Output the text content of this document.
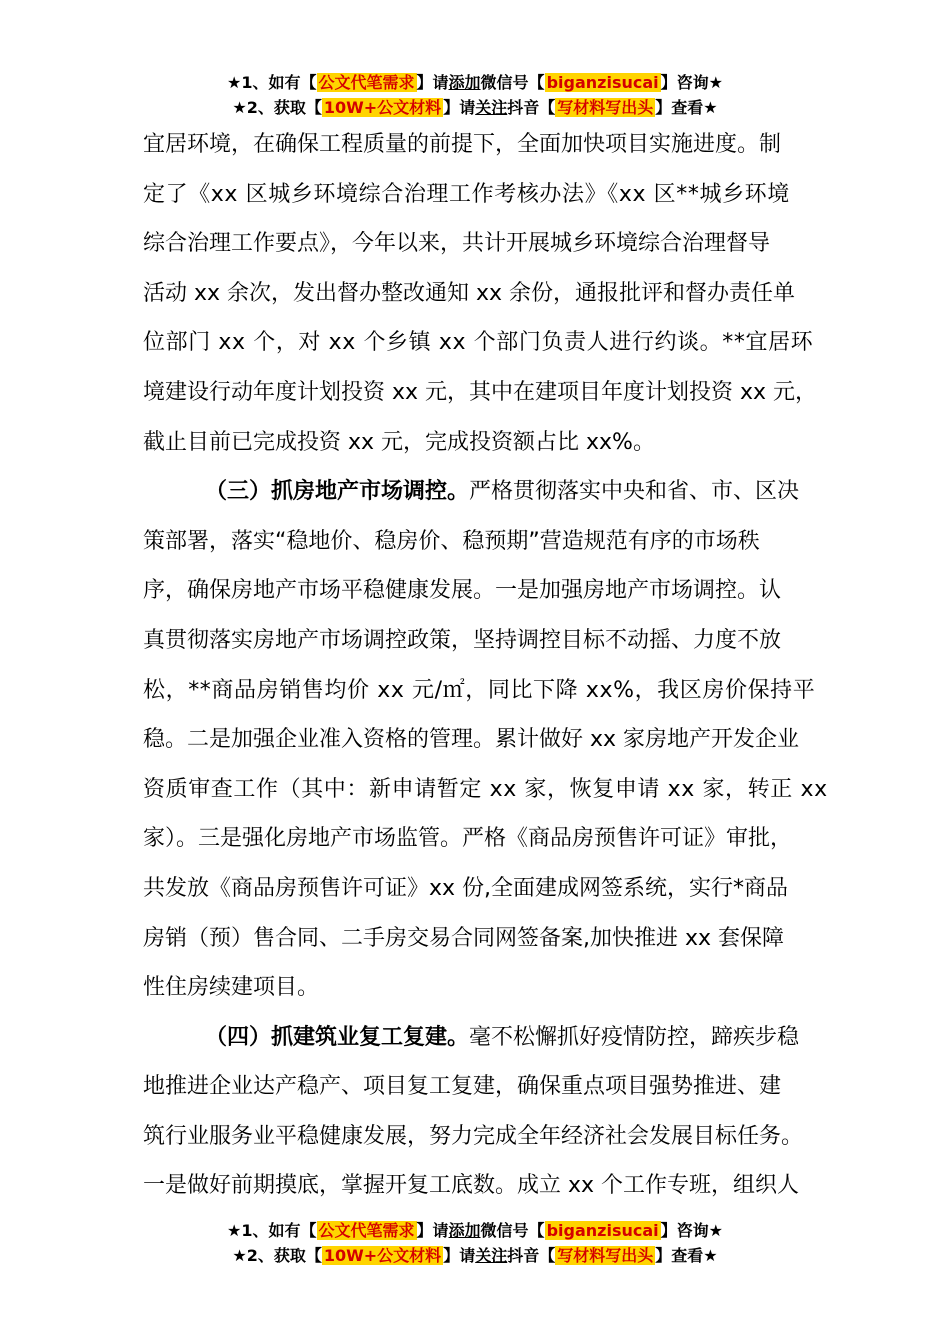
★1、如有【 公文代笔需求 】请添加微信号【 biganzisucai 】咨询★
★2、获取【 10W+公文材料 】请关注抖音【 写材料写出头 】查看★
宜居环境，在确保工程质量的前提下，全面加快项目实施进度。制
定了《xx 区城乡环境综合治理工作考核办法》《xx 区**城乡环境
综合治理工作要点》，今年以来，共计开展城乡环境综合治理督导
活动 xx 余次，发出督办整改通知 xx 余份，通报批评和督办责任单
位部门 xx 个，对 xx 个乡镇 xx 个部门负责人进行约谈。**宜居环
境建设行动年度计划投资 xx 元，其中在建项目年度计划投资 xx 元，
截止目前已完成投资 xx 元，完成投资额占比 xx%。
（三）抓房地产市场调控。严格贯彻落实中央和省、市、区决
策部署，落实“稳地价、稳房价、稳预期”营造规范有序的市场秩
序，确保房地产市场平稳健康发展。一是加强房地产市场调控。认
真贯彻落实房地产市场调控政策，坚持调控目标不动摇、力度不放
松，**商品房销售均价 xx 元/㎡，同比下降 xx%，我区房价保持平
稳。二是加强企业准入资格的管理。累计做好 xx 家房地产开发企业
资质审查工作（其中：新申请暂定 xx 家，恢复申请 xx 家，转正 xx
家）。三是强化房地产市场监管。严格《商品房预售许可证》审批，
共发放《商品房预售许可证》xx 份,全面建成网签系统，实行*商品
房销（预）售合同、二手房交易合同网签备案,加快推进 xx 套保障
性住房续建项目。
（四）抓建筑业复工复建。毫不松懈抓好疫情防控，蹄疾步稳
地推进企业达产稳产、项目复工复建，确保重点项目强势推进、建
筑行业服务业平稳健康发展，努力完成全年经济社会发展目标任务。
一是做好前期摸底，掌握开复工底数。成立 xx 个工作专班，组织人
★1、如有【 公文代笔需求 】请添加微信号【 biganzisucai 】咨询★
★2、获取【 10W+公文材料 】请关注抖音【 写材料写出头 】查看★
